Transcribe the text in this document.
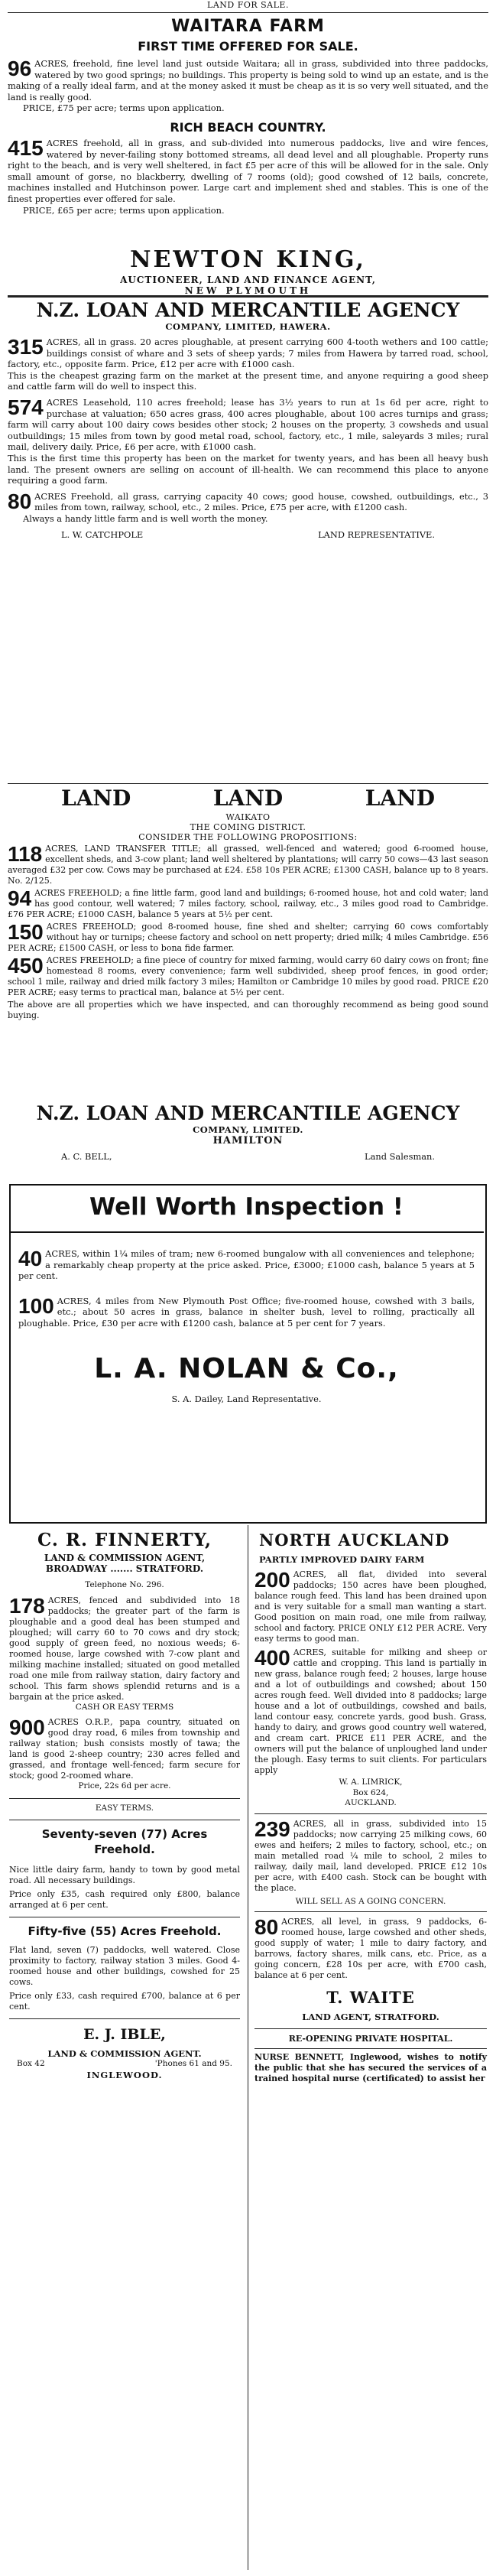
LAND FOR SALE.
WAITARA FARM
FIRST TIME OFFERED FOR SALE.

96 ACRES, freehold, fine level land just outside Waitara; all in grass, subdivided into three paddocks, watered by two good springs; no buildings. This property is being sold to wind up an estate, and is the making of a really ideal farm, and at the money asked it must be cheap as it is so very well situated, and the land is really good.

PRICE, £75 per acre; terms upon application.

RICH BEACH COUNTRY.

415 ACRES freehold, all in grass, and sub-divided into numerous paddocks, live and wire fences, watered by never-failing stony bottomed streams, all dead level and all ploughable. Property runs right to the beach, and is very well sheltered, in fact £5 per acre of this will be allowed for in the sale. Only small amount of gorse, no blackberry, dwelling of 7 rooms (old); good cowshed of 12 bails, concrete, machines installed and Hutchinson power. Large cart and implement shed and stables. This is one of the finest properties ever offered for sale.

PRICE, £65 per acre; terms upon application.

NEWTON KING,
AUCTIONEER, LAND AND FINANCE AGENT,
NEW PLYMOUTH
N.Z. LOAN AND MERCANTILE AGENCY
COMPANY, LIMITED, HAWERA.

315 ACRES, all in grass. 20 acres ploughable, at present carrying 600 4-tooth wethers and 100 cattle; buildings consist of whare and 3 sets of sheep yards; 7 miles from Hawera by tarred road, school, factory, etc., opposite farm. Price, £12 per acre with £1000 cash.

This is the cheapest grazing farm on the market at the present time, and anyone requiring a good sheep and cattle farm will do well to inspect this.

574 ACRES Leasehold, 110 acres freehold; lease has 3½ years to run at 1s 6d per acre, right to purchase at valuation; 650 acres grass, 400 acres ploughable, about 100 acres turnips and grass; farm will carry about 100 dairy cows besides other stock; 2 houses on the property, 3 cowsheds and usual outbuildings; 15 miles from town by good metal road, school, factory, etc., 1 mile, saleyards 3 miles; rural mail, delivery daily. Price, £6 per acre, with £1000 cash.

This is the first time this property has been on the market for twenty years, and has been all heavy bush land. The present owners are selling on account of ill-health. We can recommend this place to anyone requiring a good farm.

80 ACRES Freehold, all grass, carrying capacity 40 cows; good house, cowshed, outbuildings, etc., 3 miles from town, railway, school, etc., 2 miles. Price, £75 per acre, with £1200 cash.

Always a handy little farm and is well worth the money.

L. W. CATCHPOLE	LAND REPRESENTATIVE.
LAND	LAND	LAND
WAIKATO
THE COMING DISTRICT.
CONSIDER THE FOLLOWING PROPOSITIONS:

118 ACRES, LAND TRANSFER TITLE; all grassed, well-fenced and watered; good 6-roomed house, excellent sheds, and 3-cow plant; land well sheltered by plantations; will carry 50 cows—43 last season averaged £32 per cow. Cows may be purchased at £24. £58 10s PER ACRE; £1300 CASH, balance up to 8 years. No. 2/125.

94 ACRES FREEHOLD; a fine little farm, good land and buildings; 6-roomed house, hot and cold water; land has good contour, well watered; 7 miles factory, school, railway, etc., 3 miles good road to Cambridge. £76 PER ACRE; £1000 CASH, balance 5 years at 5½ per cent.

150 ACRES FREEHOLD; good 8-roomed house, fine shed and shelter; carrying 60 cows comfortably without hay or turnips; cheese factory and school on nett property; dried milk; 4 miles Cambridge. £56 PER ACRE; £1500 CASH, or less to bona fide farmer.

450 ACRES FREEHOLD; a fine piece of country for mixed farming, would carry 60 dairy cows on front; fine homestead 8 rooms, every convenience; farm well subdivided, sheep proof fences, in good order; school 1 mile, railway and dried milk factory 3 miles; Hamilton or Cambridge 10 miles by good road. PRICE £20 PER ACRE; easy terms to practical man, balance at 5½ per cent.

The above are all properties which we have inspected, and can thoroughly recommend as being good sound buying.

N.Z. LOAN AND MERCANTILE AGENCY
COMPANY, LIMITED.
HAMILTON
A. C. BELL,	Land Salesman.
Well Worth Inspection !

40 ACRES, within 1¼ miles of tram; new 6-roomed bungalow with all conveniences and telephone; a remarkably cheap property at the price asked. Price, £3000; £1000 cash, balance 5 years at 5 per cent.

100 ACRES, 4 miles from New Plymouth Post Office; five-roomed house, cowshed with 3 bails, etc.; about 50 acres in grass, balance in shelter bush, level to rolling, practically all ploughable. Price, £30 per acre with £1200 cash, balance at 5 per cent for 7 years.

L. A. NOLAN & Co.,
S. A. Dailey, Land Representative.
C. R. FINNERTY,
LAND & COMMISSION AGENT,
BROADWAY ....... STRATFORD.
Telephone No. 296.

178 ACRES, fenced and subdivided into 18 paddocks; the greater part of the farm is ploughable and a good deal has been stumped and ploughed; will carry 60 to 70 cows and dry stock; good supply of green feed, no noxious weeds; 6-roomed house, large cowshed with 7-cow plant and milking machine installed; situated on good metalled road one mile from railway station, dairy factory and school. This farm shows splendid returns and is a bargain at the price asked.

CASH OR EASY TERMS

900 ACRES O.R.P., papa country, situated on good dray road, 6 miles from township and railway station; bush consists mostly of tawa; the land is good 2-sheep country; 230 acres felled and grassed, and frontage well-fenced; farm secure for stock; good 2-roomed whare.

Price, 22s 6d per acre.
EASY TERMS.
Seventy-seven (77) Acres Freehold.

Nice little dairy farm, handy to town by good metal road. All necessary buildings.

Price only £35, cash required only £800, balance arranged at 6 per cent.

Fifty-five (55) Acres Freehold.

Flat land, seven (7) paddocks, well watered. Close proximity to factory, railway station 3 miles. Good 4-roomed house and other buildings, cowshed for 25 cows.

Price only £33, cash required £700, balance at 6 per cent.

E. J. IBLE,
LAND & COMMISSION AGENT.
Box 42	'Phones 61 and 95.
INGLEWOOD.
NORTH AUCKLAND
PARTLY IMPROVED DAIRY FARM

200 ACRES, all flat, divided into several paddocks; 150 acres have been ploughed, balance rough feed. This land has been drained upon and is very suitable for a small man wanting a start. Good position on main road, one mile from railway, school and factory. PRICE ONLY £12 PER ACRE. Very easy terms to good man.

400 ACRES, suitable for milking and sheep or cattle and cropping. This land is partially in new grass, balance rough feed; 2 houses, large house and a lot of outbuildings and cowshed; about 150 acres rough feed. Well divided into 8 paddocks; large house and a lot of outbuildings, cowshed and bails, land contour easy, concrete yards, good bush. Grass, handy to dairy, and grows good country well watered, and cream cart. PRICE £11 PER ACRE, and the owners will put the balance of unploughed land under the plough. Easy terms to suit clients. For particulars apply

W. A. LIMRICK,
Box 624,
AUCKLAND.

239 ACRES, all in grass, subdivided into 15 paddocks; now carrying 25 milking cows, 60 ewes and heifers; 2 miles to factory, school, etc.; on main metalled road ¼ mile to school, 2 miles to railway, daily mail, land developed. PRICE £12 10s per acre, with £400 cash. Stock can be bought with the place.

WILL SELL AS A GOING CONCERN.

80 ACRES, all level, in grass, 9 paddocks, 6-roomed house, large cowshed and other sheds, good supply of water; 1 mile to dairy factory, and barrows, factory shares, milk cans, etc. Price, as a going concern, £28 10s per acre, with £700 cash, balance at 6 per cent.

T. WAITE
LAND AGENT, STRATFORD.
RE-OPENING PRIVATE HOSPITAL.

NURSE BENNETT, Inglewood, wishes to notify the public that she has secured the services of a trained hospital nurse (certificated) to assist her
